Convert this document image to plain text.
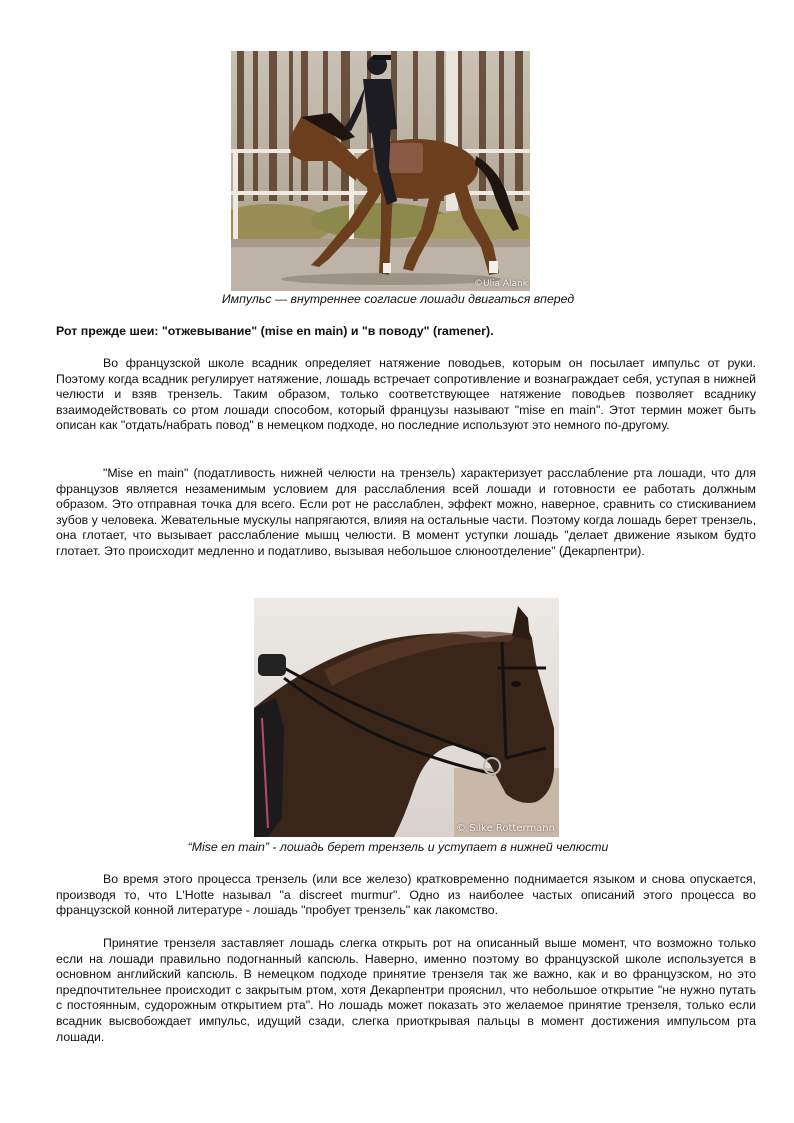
©Ulia Alank
Импульс — внутреннее согласие лошади двигаться вперед
Рот прежде шеи: "отжевывание" (mise en main) и "в поводу" (ramener).

Во французской школе всадник определяет натяжение поводьев, которым он посылает импульс от руки. Поэтому когда всадник регулирует натяжение, лошадь встречает сопротивление и вознаграждает себя, уступая в нижней челюсти и взяв трензель. Таким образом, только соответствующее натяжение поводьев позволяет всаднику взаимодействовать со ртом лошади способом, который французы называют "mise en main". Этот термин может быть описан как "отдать/набрать повод" в немецком подходе, но последние используют это немного по-другому.

"Mise en main" (податливость нижней челюсти на трензель) характеризует расслабление рта лошади, что для французов является незаменимым условием для расслабления всей лошади и готовности ее работать должным образом. Это отправная точка для всего. Если рот не расслаблен, эффект можно, наверное, сравнить со стискиванием зубов у человека. Жевательные мускулы напрягаются, влияя на остальные части. Поэтому когда лошадь берет трензель, она глотает, что вызывает расслабление мышц челюсти. В момент уступки лошадь "делает движение языком будто глотает. Это происходит медленно и податливо, вызывая небольшое слюноотделение" (Декарпентри).

© Silke Rottermann
“Mise en main” - лошадь берет трензель и уступает в нижней челюсти

Во время этого процесса трензель (или все железо) кратковременно поднимается языком и снова опускается, производя то, что L'Hotte называл "a discreet murmur". Одно из наиболее частых описаний этого процесса во французской конной литературе - лошадь "пробует трензель" как лакомство.

Принятие трензеля заставляет лошадь слегка открыть рот на описанный выше момент, что возможно только если на лошади правильно подогнанный капсюль. Наверно, именно поэтому во французской школе используется в основном английский капсюль. В немецком подходе принятие трензеля так же важно, как и во французском, но это предпочтительнее происходит с закрытым ртом, хотя Декарпентри прояснил, что небольшое открытие "не нужно путать с постоянным, судорожным открытием рта". Но лошадь может показать это желаемое принятие трензеля, только если всадник высвобождает импульс, идущий сзади, слегка приоткрывая пальцы в момент достижения импульсом рта лошади.
